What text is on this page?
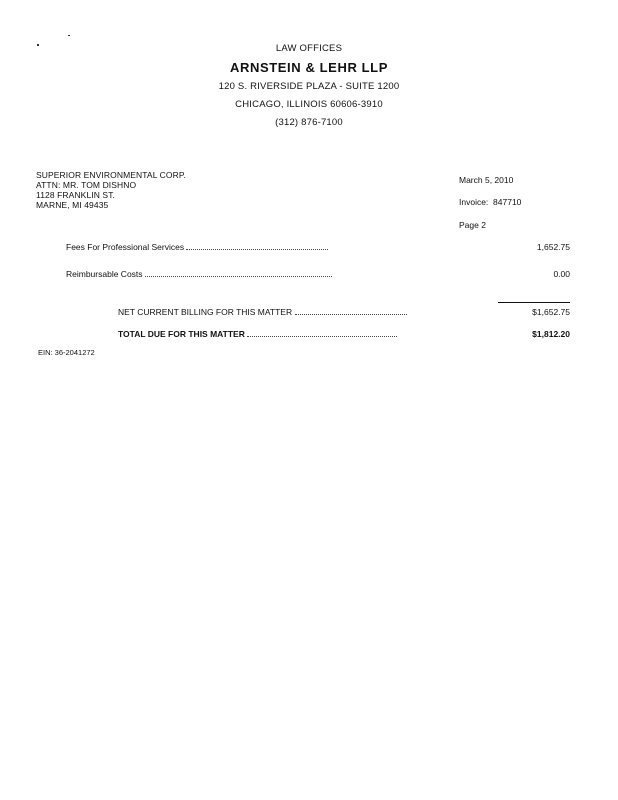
LAW OFFICES
ARNSTEIN & LEHR LLP
120 S. RIVERSIDE PLAZA - SUITE 1200
CHICAGO, ILLINOIS 60606-3910
(312) 876-7100
SUPERIOR ENVIRONMENTAL CORP.
ATTN: MR. TOM DISHNO
1128 FRANKLIN ST.
MARNE, MI 49435
March 5, 2010
Invoice: 847710
Page 2
Fees For Professional Services	1,652.75
Reimbursable Costs	0.00
NET CURRENT BILLING FOR THIS MATTER	$1,652.75
TOTAL DUE FOR THIS MATTER	$1,812.20
EIN: 36-2041272
